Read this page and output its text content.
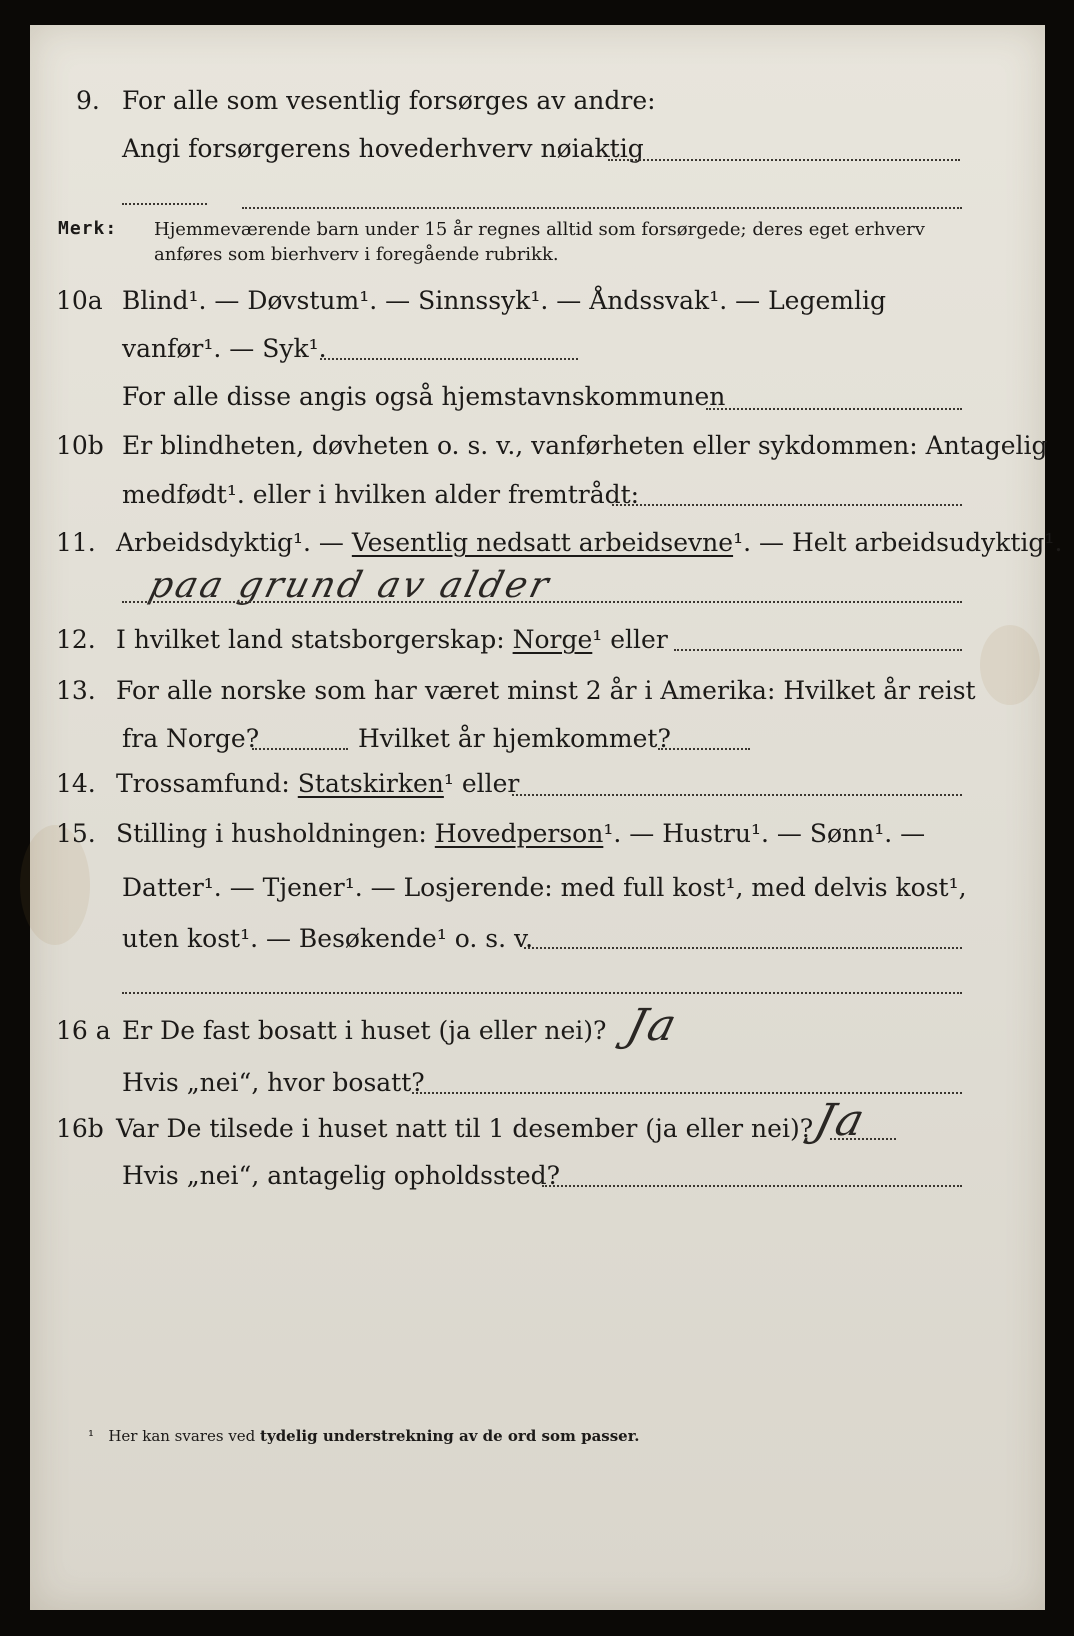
9. For alle som vesentlig forsørges av andre:
Angi forsørgerens hovederhverv nøiaktig
Merk: Hjemmeværende barn under 15 år regnes alltid som forsørgede; deres eget erhverv
anføres som bierhverv i foregående rubrikk.
10a Blind¹. — Døvstum¹. — Sinnssyk¹. — Åndssvak¹. — Legemlig
vanfør¹. — Syk¹.
For alle disse angis også hjemstavnskommunen
10b Er blindheten, døvheten o. s. v., vanførheten eller sykdommen: Antagelig
medfødt¹. eller i hvilken alder fremtrådt:
11. Arbeidsdyktig¹. — Vesentlig nedsatt arbeidsevne¹. — Helt arbeidsudyktig¹.
paa grund av alder
12. I hvilket land statsborgerskap: Norge¹ eller
13. For alle norske som har været minst 2 år i Amerika: Hvilket år reist
fra Norge?	Hvilket år hjemkommet?
14. Trossamfund: Statskirken¹ eller
15. Stilling i husholdningen: Hovedperson¹. — Hustru¹. — Sønn¹. —
Datter¹. — Tjener¹. — Losjerende: med full kost¹, med delvis kost¹,
uten kost¹. — Besøkende¹ o. s. v.
16 a Er De fast bosatt i huset (ja eller nei)? Ja
Hvis „nei“, hvor bosatt?
16b Var De tilsede i huset natt til 1 desember (ja eller nei)?
Ja
Hvis „nei“, antagelig opholdssted?
¹ Her kan svares ved tydelig understrekning av de ord som passer.
